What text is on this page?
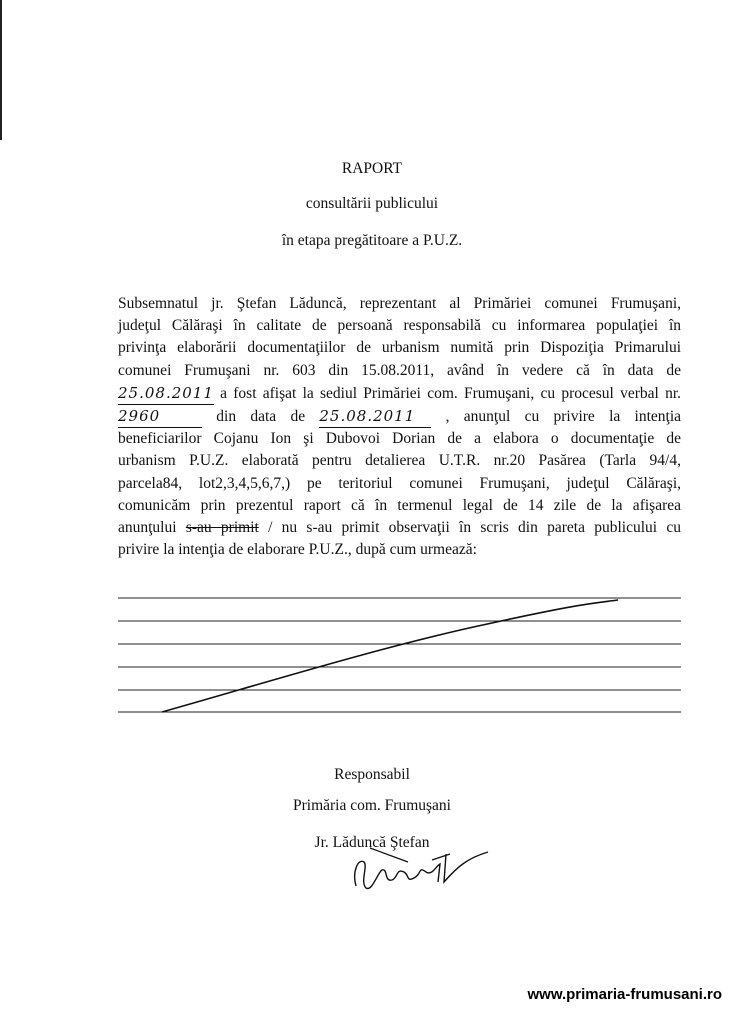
RAPORT
consultării publicului
în etapa pregătitoare a P.U.Z.
Subsemnatul jr. Ştefan Lăduncă, reprezentant al Primăriei comunei Frumuşani,
judeţul Călăraşi în calitate de persoană responsabilă cu informarea populaţiei în
privinţa elaborării documentaţiilor de urbanism numită prin Dispoziţia Primarului
comunei Frumuşani nr. 603 din 15.08.2011, având în vedere că în data de
25.08.2011 a fost afişat la sediul Primăriei com. Frumuşani, cu procesul verbal nr.
2960	din data de 25.08.2011 , anunţul cu privire la intenţia
beneficiarilor Cojanu Ion şi Dubovoi Dorian de a elabora o documentaţie de
urbanism P.U.Z. elaborată pentru detalierea U.T.R. nr.20 Pasărea (Tarla 94/4,
parcela84, lot2,3,4,5,6,7,) pe teritoriul comunei Frumuşani, judeţul Călăraşi,
comunicăm prin prezentul raport că în termenul legal de 14 zile de la afişarea
anunţului s-au primit / nu s-au primit observaţii în scris din pareta publicului cu
privire la intenţia de elaborare P.U.Z., după cum urmează:
Responsabil
Primăria com. Frumuşani
Jr. Lădunc​ă Ştefan
www.primaria-frumusani.ro
